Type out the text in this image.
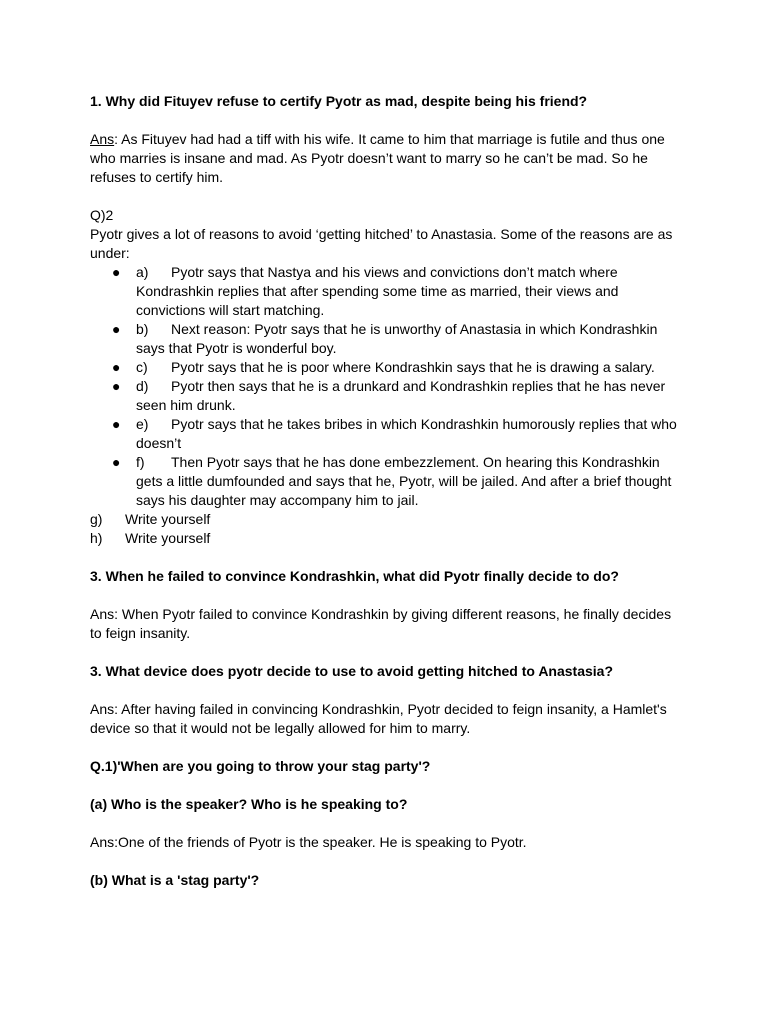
1. Why did Fituyev refuse to certify Pyotr as mad, despite being his friend?

Ans: As Fituyev had had a tiff with his wife. It came to him that marriage is futile and thus one who marries is insane and mad. As Pyotr doesn’t want to marry so he can’t be mad. So he refuses to certify him.

Q)2

Pyotr gives a lot of reasons to avoid ‘getting hitched’ to Anastasia. Some of the reasons are as under:

● a) Pyotr says that Nastya and his views and convictions don’t match where Kondrashkin replies that after spending some time as married, their views and convictions will start matching.
● b) Next reason: Pyotr says that he is unworthy of Anastasia in which Kondrashkin says that Pyotr is wonderful boy.
● c) Pyotr says that he is poor where Kondrashkin says that he is drawing a salary.
● d) Pyotr then says that he is a drunkard and Kondrashkin replies that he has never seen him drunk.
● e) Pyotr says that he takes bribes in which Kondrashkin humorously replies that who doesn’t
● f) Then Pyotr says that he has done embezzlement. On hearing this Kondrashkin gets a little dumfounded and says that he, Pyotr, will be jailed. And after a brief thought says his daughter may accompany him to jail.

g) Write yourself

h) Write yourself

3. When he failed to convince Kondrashkin, what did Pyotr finally decide to do?

Ans: When Pyotr failed to convince Kondrashkin by giving different reasons, he finally decides to feign insanity.

3. What device does pyotr decide to use to avoid getting hitched to Anastasia?

Ans: After having failed in convincing Kondrashkin, Pyotr decided to feign insanity, a Hamlet's device so that it would not be legally allowed for him to marry.

Q.1)'When are you going to throw your stag party'?

(a) Who is the speaker? Who is he speaking to?

Ans:One of the friends of Pyotr is the speaker. He is speaking to Pyotr.

(b) What is a 'stag party'?
